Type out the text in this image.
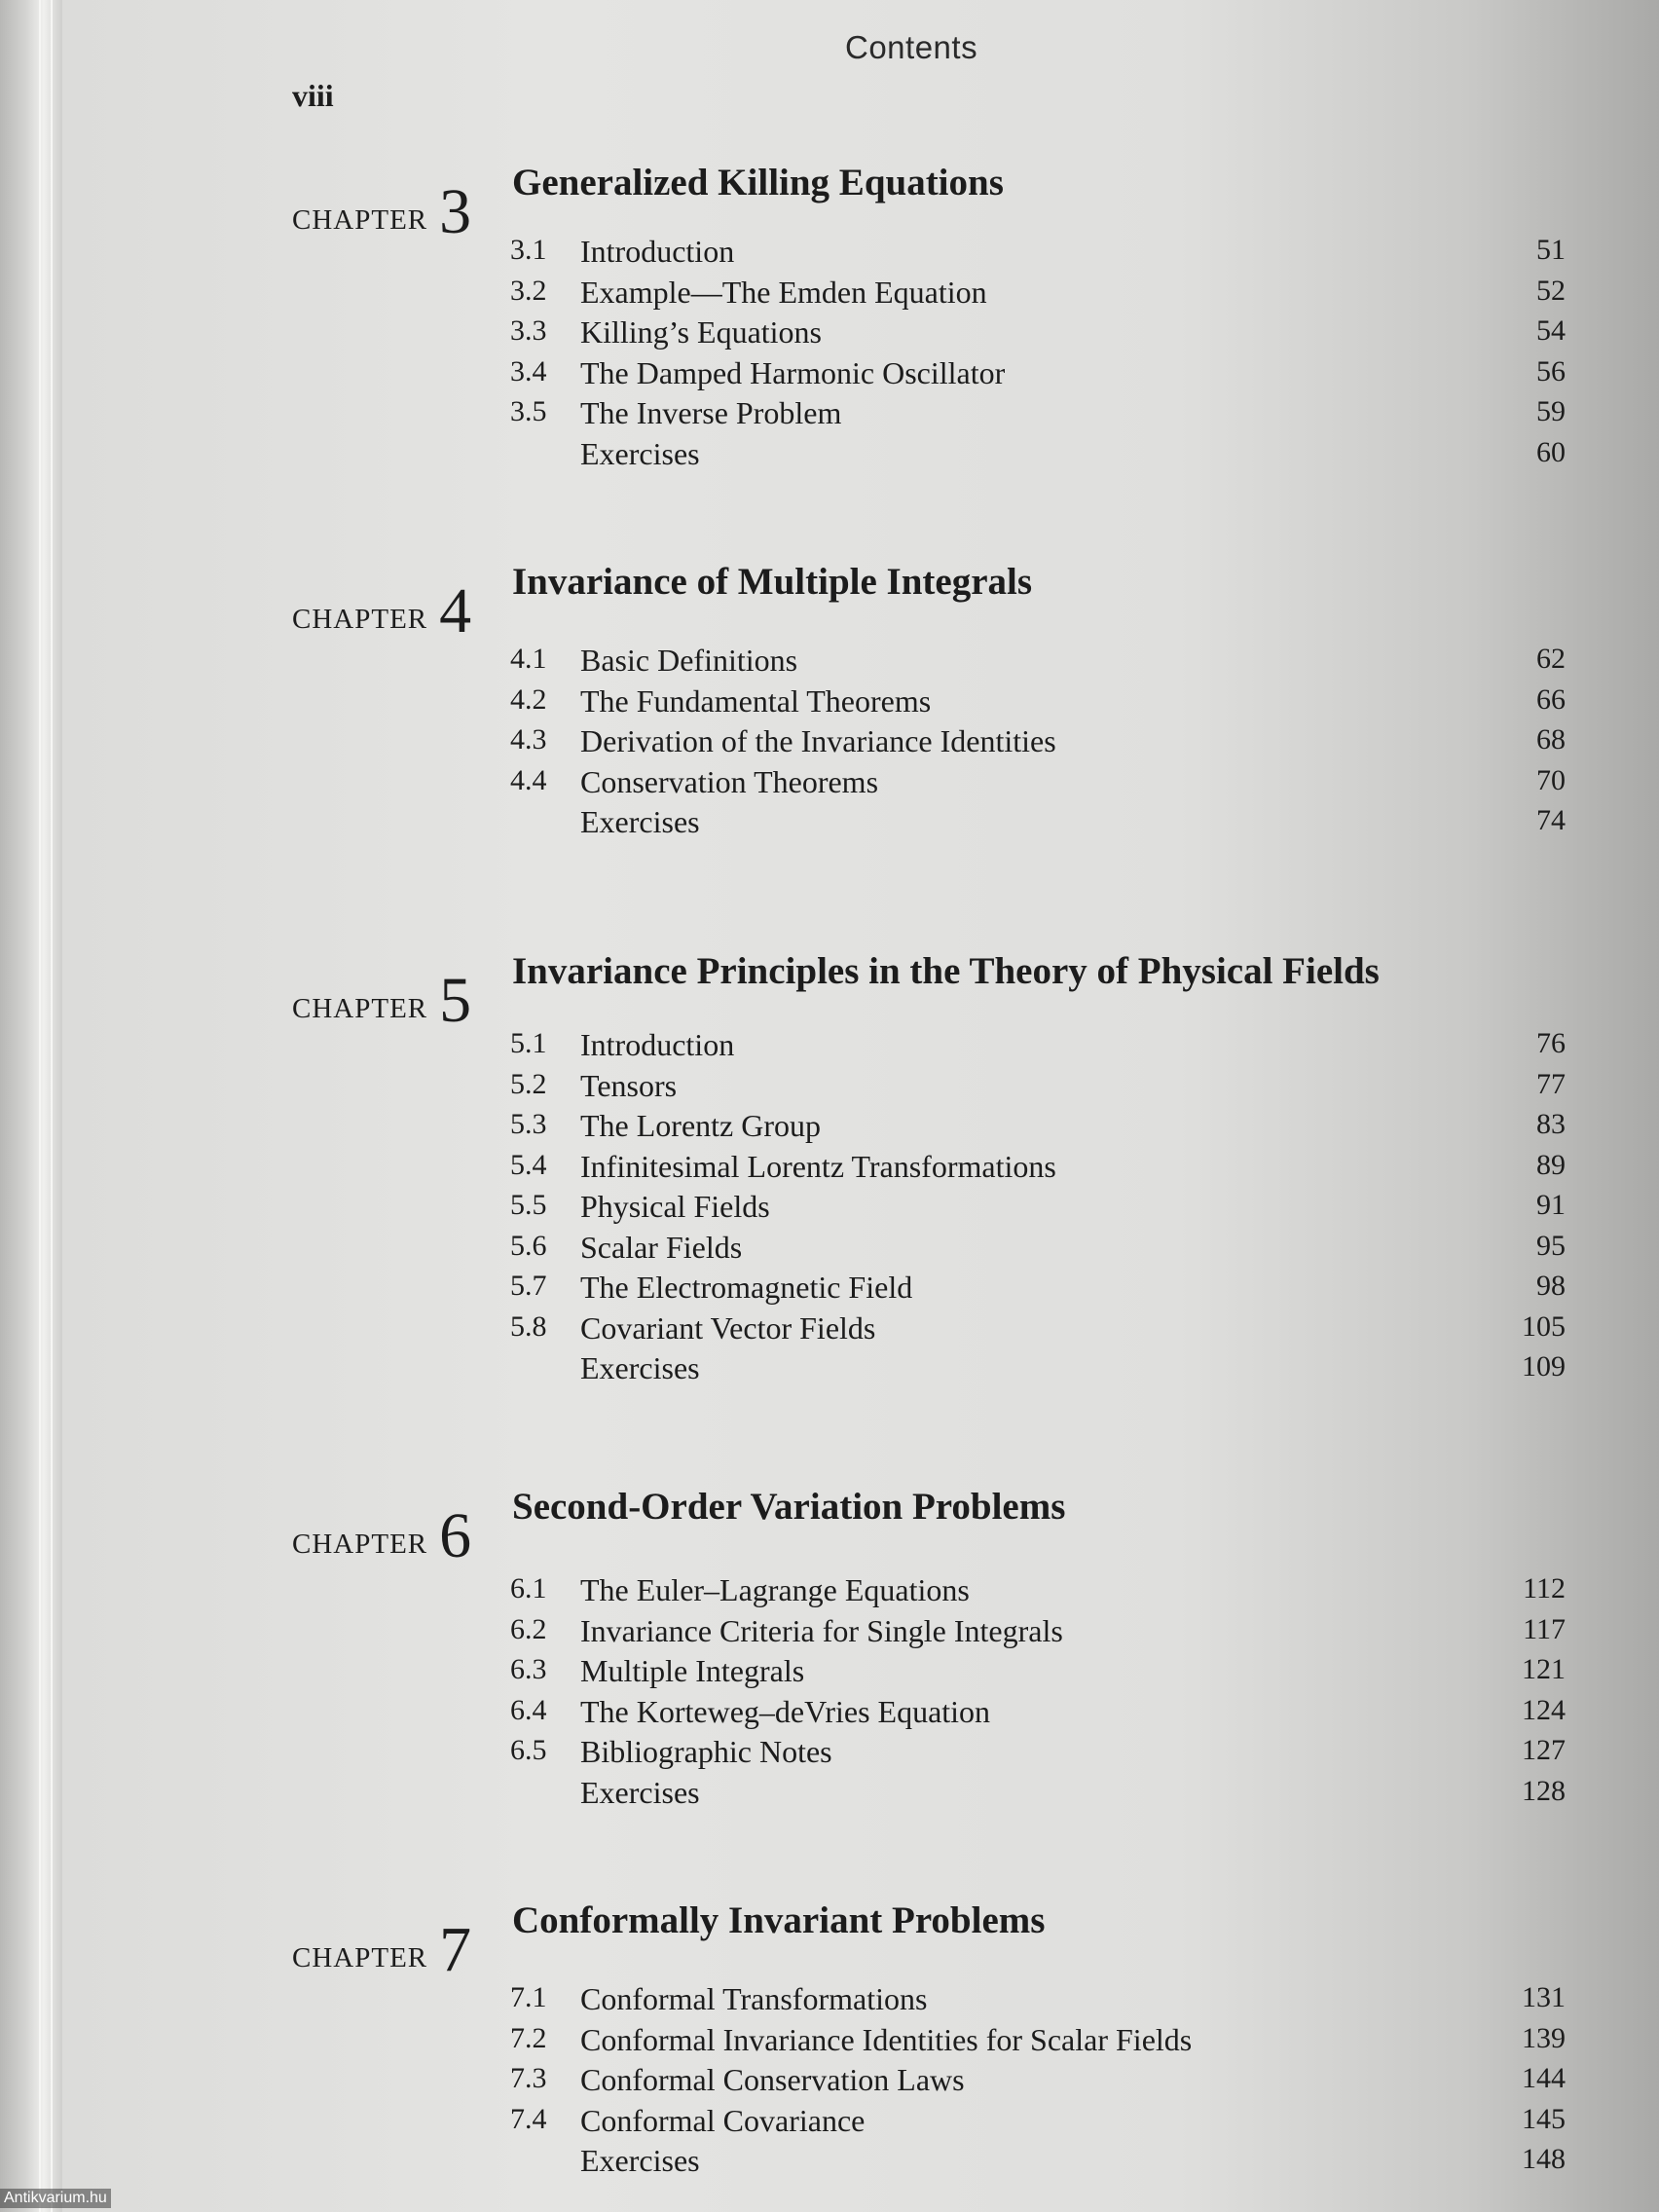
Contents
viii
CHAPTER 3 Generalized Killing Equations
3.1 Introduction	51
3.2 Example—The Emden Equation	52
3.3 Killing’s Equations	54
3.4 The Damped Harmonic Oscillator	56
3.5 The Inverse Problem	59
Exercises	60
CHAPTER 4 Invariance of Multiple Integrals
4.1 Basic Definitions	62
4.2 The Fundamental Theorems	66
4.3 Derivation of the Invariance Identities	68
4.4 Conservation Theorems	70
Exercises	74
CHAPTER 5 Invariance Principles in the Theory of Physical Fields
5.1 Introduction	76
5.2 Tensors	77
5.3 The Lorentz Group	83
5.4 Infinitesimal Lorentz Transformations	89
5.5 Physical Fields	91
5.6 Scalar Fields	95
5.7 The Electromagnetic Field	98
5.8 Covariant Vector Fields	105
Exercises	109
CHAPTER 6 Second-Order Variation Problems
6.1 The Euler–Lagrange Equations	112
6.2 Invariance Criteria for Single Integrals	117
6.3 Multiple Integrals	121
6.4 The Korteweg–deVries Equation	124
6.5 Bibliographic Notes	127
Exercises	128
CHAPTER 7 Conformally Invariant Problems
7.1 Conformal Transformations	131
7.2 Conformal Invariance Identities for Scalar Fields	139
7.3 Conformal Conservation Laws	144
7.4 Conformal Covariance	145
Exercises	148
Antikvarium.hu
